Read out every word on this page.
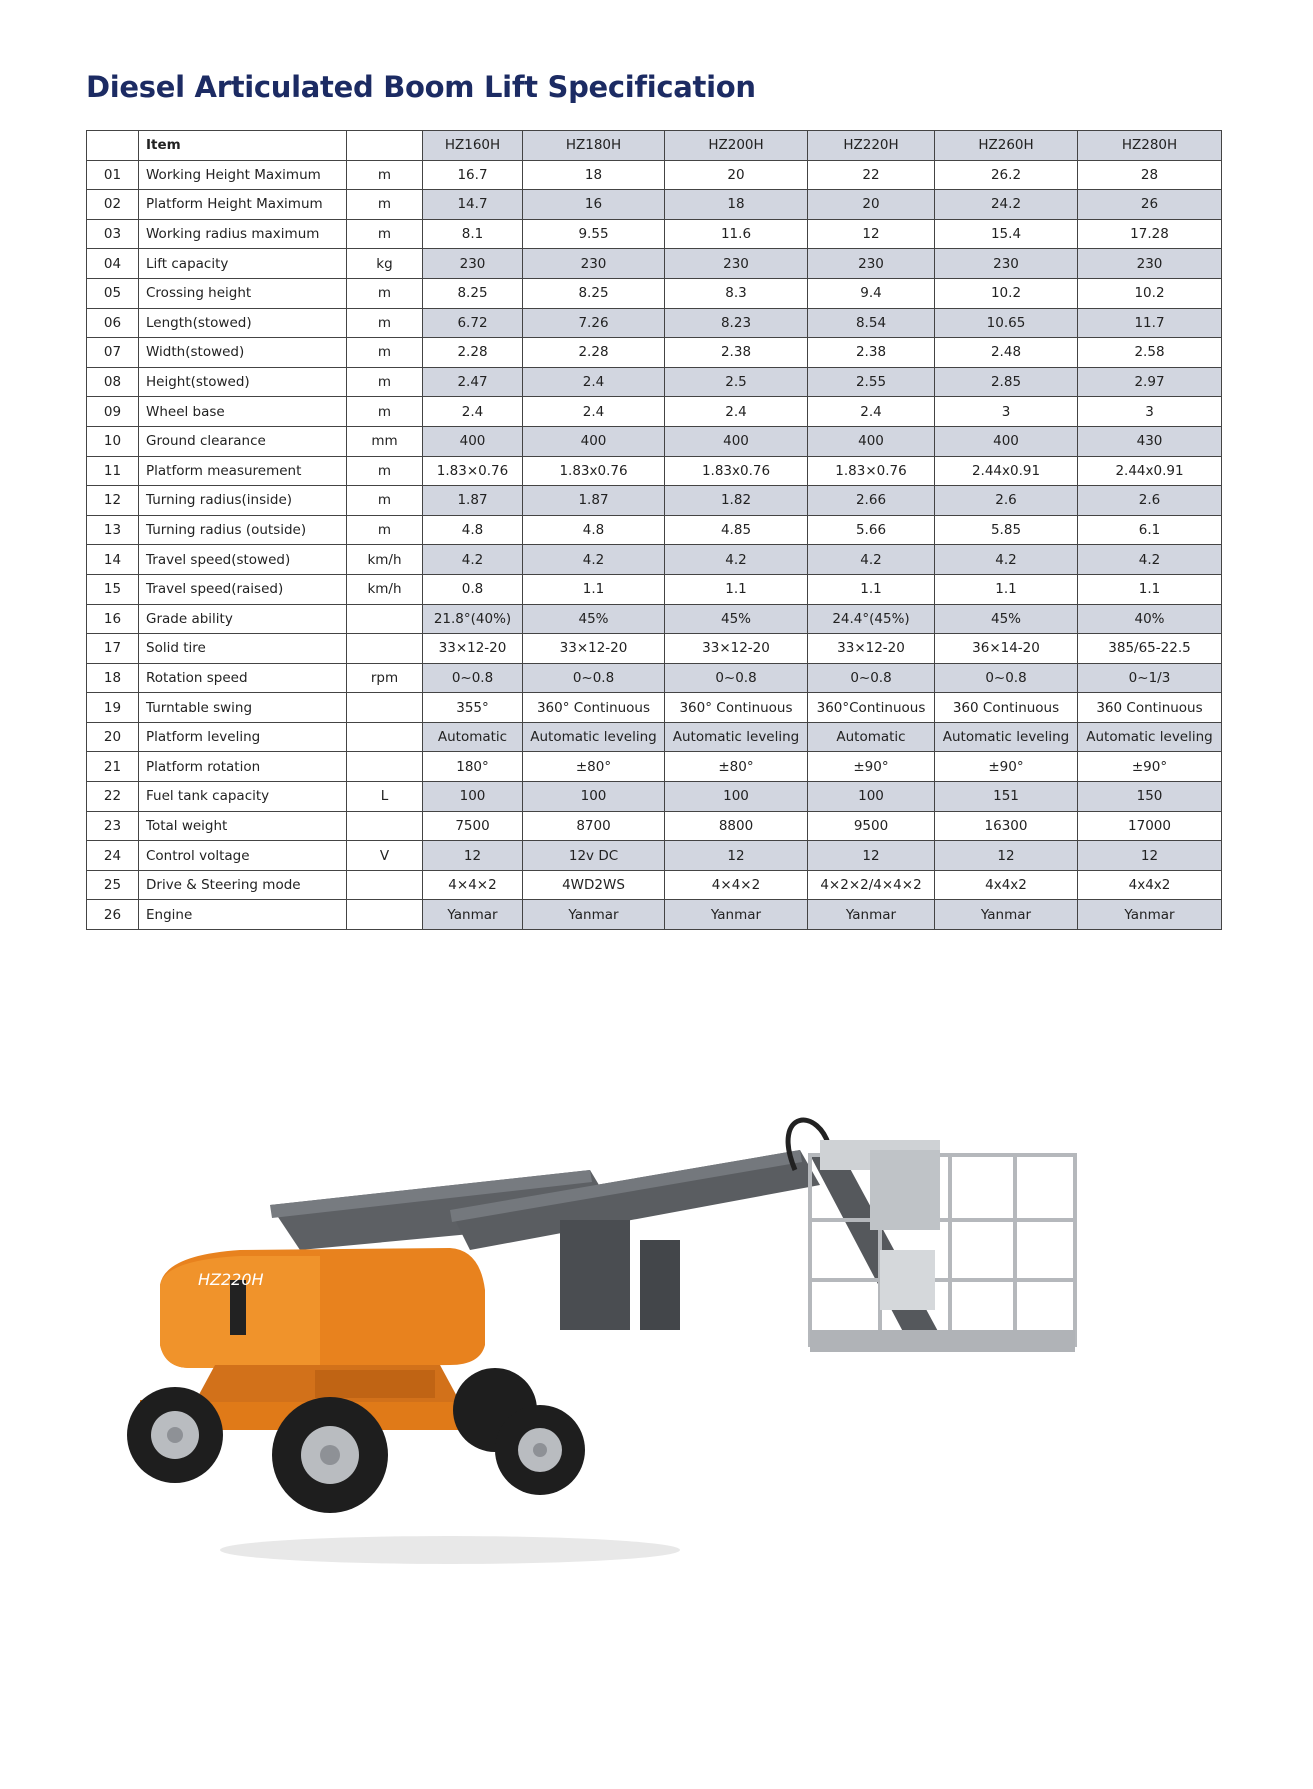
Diesel Articulated Boom Lift Specification
	Item		HZ160H	HZ180H	HZ200H	HZ220H	HZ260H	HZ280H
01	Working Height Maximum	m	16.7	18	20	22	26.2	28
02	Platform Height Maximum	m	14.7	16	18	20	24.2	26
03	Working radius maximum	m	8.1	9.55	11.6	12	15.4	17.28
04	Lift capacity	kg	230	230	230	230	230	230
05	Crossing height	m	8.25	8.25	8.3	9.4	10.2	10.2
06	Length(stowed)	m	6.72	7.26	8.23	8.54	10.65	11.7
07	Width(stowed)	m	2.28	2.28	2.38	2.38	2.48	2.58
08	Height(stowed)	m	2.47	2.4	2.5	2.55	2.85	2.97
09	Wheel base	m	2.4	2.4	2.4	2.4	3	3
10	Ground clearance	mm	400	400	400	400	400	430
11	Platform measurement	m	1.83×0.76	1.83x0.76	1.83x0.76	1.83×0.76	2.44x0.91	2.44x0.91
12	Turning radius(inside)	m	1.87	1.87	1.82	2.66	2.6	2.6
13	Turning radius (outside)	m	4.8	4.8	4.85	5.66	5.85	6.1
14	Travel speed(stowed)	km/h	4.2	4.2	4.2	4.2	4.2	4.2
15	Travel speed(raised)	km/h	0.8	1.1	1.1	1.1	1.1	1.1
16	Grade ability		21.8°(40%)	45%	45%	24.4°(45%)	45%	40%
17	Solid tire		33×12-20	33×12-20	33×12-20	33×12-20	36×14-20	385/65-22.5
18	Rotation speed	rpm	0~0.8	0~0.8	0~0.8	0~0.8	0~0.8	0~1/3
19	Turntable swing		355°	360° Continuous	360° Continuous	360°Continuous	360 Continuous	360 Continuous
20	Platform leveling		Automatic	Automatic leveling	Automatic leveling	Automatic	Automatic leveling	Automatic leveling
21	Platform rotation		180°	±80°	±80°	±90°	±90°	±90°
22	Fuel tank capacity	L	100	100	100	100	151	150
23	Total weight		7500	8700	8800	9500	16300	17000
24	Control voltage	V	12	12v DC	12	12	12	12
25	Drive & Steering mode		4×4×2	4WD2WS	4×4×2	4×2×2/4×4×2	4x4x2	4x4x2
26	Engine		Yanmar	Yanmar	Yanmar	Yanmar	Yanmar	Yanmar
HZ220H
